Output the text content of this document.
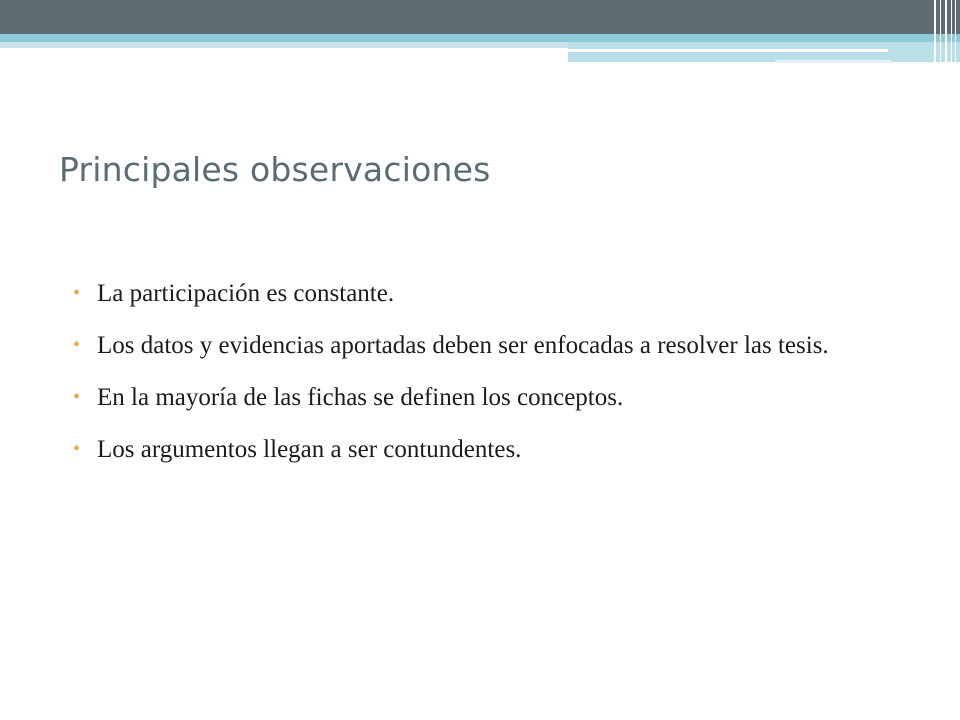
Principales observaciones
• La participación es constante.
• Los datos y evidencias aportadas deben ser enfocadas a resolver las tesis.
• En la mayoría de las fichas se definen los conceptos.
• Los argumentos llegan a ser contundentes.
